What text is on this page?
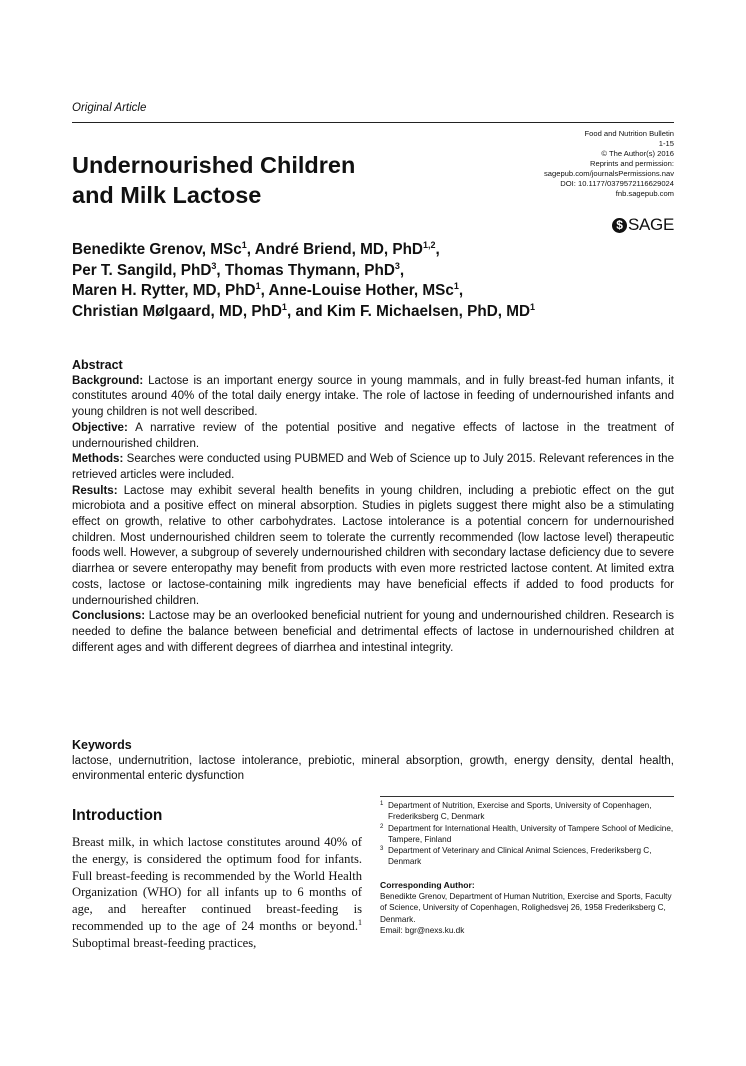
Original Article
Food and Nutrition Bulletin
1-15
© The Author(s) 2016
Reprints and permission:
sagepub.com/journalsPermissions.nav
DOI: 10.1177/0379572116629024
fnb.sagepub.com
$ SAGE
Undernourished Children
and Milk Lactose
Benedikte Grenov, MSc$^1$, André Briend, MD, PhD$^{1,2}$,
Per T. Sangild, PhD$^3$, Thomas Thymann, PhD$^3$,
Maren H. Rytter, MD, PhD$^1$, Anne-Louise Hother, MSc$^1$,
Christian Mølgaard, MD, PhD$^1$, and Kim F. Michaelsen, PhD, $MD^1$
Abstract

Background: Lactose is an important energy source in young mammals, and in fully breast-fed human infants, it constitutes around 40% of the total daily energy intake. The role of lactose in feeding of undernourished infants and young children is not well described.

Objective: A narrative review of the potential positive and negative effects of lactose in the treatment of undernourished children.

Methods: Searches were conducted using PUBMED and Web of Science up to July 2015. Relevant references in the retrieved articles were included.

Results: Lactose may exhibit several health benefits in young children, including a prebiotic effect on the gut microbiota and a positive effect on mineral absorption. Studies in piglets suggest there might also be a stimulating effect on growth, relative to other carbohydrates. Lactose intolerance is a potential concern for undernourished children. Most undernourished children seem to tolerate the currently recommended (low lactose level) therapeutic foods well. However, a subgroup of severely undernourished children with secondary lactase deficiency due to severe diarrhea or severe enteropathy may benefit from products with even more restricted lactose content. At limited extra costs, lactose or lactose-containing milk ingredients may have beneficial effects if added to food products for undernourished children.

Conclusions: Lactose may be an overlooked beneficial nutrient for young and undernourished children. Research is needed to define the balance between beneficial and detrimental effects of lactose in undernourished children at different ages and with different degrees of diarrhea and intestinal integrity.

Keywords
lactose, undernutrition, lactose intolerance, prebiotic, mineral absorption, growth, energy density, dental health, environmental enteric dysfunction
Introduction
Breast milk, in which lactose constitutes around 40% of the energy, is considered the optimum food for infants. Full breast-feeding is recommended by the World Health Organization (WHO) for all infants up to 6 months of age, and hereafter continued breast-feeding is recommended up to the age of 24 months or beyond.$^1$ Suboptimal breast-feeding practices,
1 Department of Nutrition, Exercise and Sports, University of Copenhagen, Frederiksberg C, Denmark
2 Department for International Health, University of Tampere School of Medicine, Tampere, Finland
3 Department of Veterinary and Clinical Animal Sciences, Frederiksberg C, Denmark
Corresponding Author:
Benedikte Grenov, Department of Human Nutrition, Exercise and Sports, Faculty of Science, University of Copenhagen, Rolighedsvej 26, 1958 Frederiksberg C, Denmark.
Email: bgr@nexs.ku.dk
